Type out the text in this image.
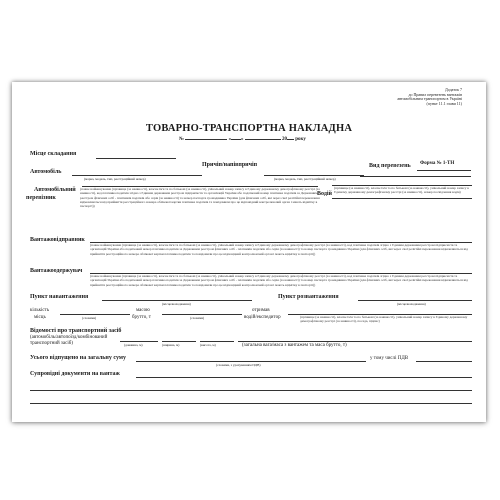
Додаток 7
до Правил перевезень вантажів
автомобільним транспортом в Україні
(пункт 11.1 глави 11)
ТОВАРНО-ТРАНСПОРТНА НАКЛАДНА
№	« »	20 року
Місце складання
Форма № 1-ТН
Автомобіль
(марка, модель, тип, реєстраційний номер)
Причіп/напівпричіп
(марка, модель, тип, реєстраційний номер)
Вид перевезень
Автомобільний
перевізник
(повне найменування (прізвище (за наявності), власне ім'я та по батькові (за наявності), унікальний номер запису в Єдиному державному демографічному реєстрі (за наявності), код платника податків згідно з Єдиним державним реєстром підприємств та організацій України або податковий номер платника податків за Державним реєстром фізичних осіб - платників податків або серія (за наявності) та номер паспорта громадянина України (для фізичних осіб, які через свої релігійні переконання відмовляються від прийняття реєстраційного номера облікової картки платника податків та повідомили про це відповідний контролюючий орган і мають відмітку в паспорті))
Водій
(прізвище (за наявності), власне ім'я та по батькові (за наявності), унікальний номер запису в Єдиному державному демографічному реєстрі (за наявності), номер посвідчення водія)
Вантажовідправник
(повне найменування (прізвище (за наявності), власне ім'я та по батькові (за наявності), унікальний номер запису в Єдиному державному демографічному реєстрі (за наявності), код платника податків згідно з Єдиним державним реєстром підприємств та організацій України або податковий номер платника податків за Державним реєстром фізичних осіб - платників податків або серія (за наявності) та номер паспорта громадянина України (для фізичних осіб, які через свої релігійні переконання відмовляються від прийняття реєстраційного номера облікової картки платника податків та повідомили про це відповідний контролюючий орган і мають відмітку в паспорті))
Вантажоодержувач
(повне найменування (прізвище (за наявності), власне ім'я та по батькові (за наявності), унікальний номер запису в Єдиному державному демографічному реєстрі (за наявності), код платника податків згідно з Єдиним державним реєстром підприємств та організацій України або податковий номер платника податків за Державним реєстром фізичних осіб - платників податків або серія (за наявності) та номер паспорта громадянина України (для фізичних осіб, які через свої релігійні переконання відмовляються від прийняття реєстраційного номера облікової картки платника податків та повідомили про це відповідний контролюючий орган і мають відмітку в паспорті))
Пункт навантаження
(місцезнаходження)
Пункт розвантаження
(місцезнаходження)
кількість
місць	(словами)
масою
брутто, т	(словами)
отримав
водій/експедитор	(прізвище (за наявності), власне ім'я та по батькові (за наявності), унікальний номер запису в Єдиному державному демографічному реєстрі (за наявності), посада, підпис)
Відомості про транспортний засіб
(автомобіль/автопоїзд/комбінований
транспортний засіб)	(довжина, м)	(ширина, м)	(висота, м)	(загальна вага/маса з вантажем та маса брутто, т)
Усього відпущено на загальну суму
(словами, з урахуванням ПДВ)
у тому числі ПДВ
Супровідні документи на вантаж
